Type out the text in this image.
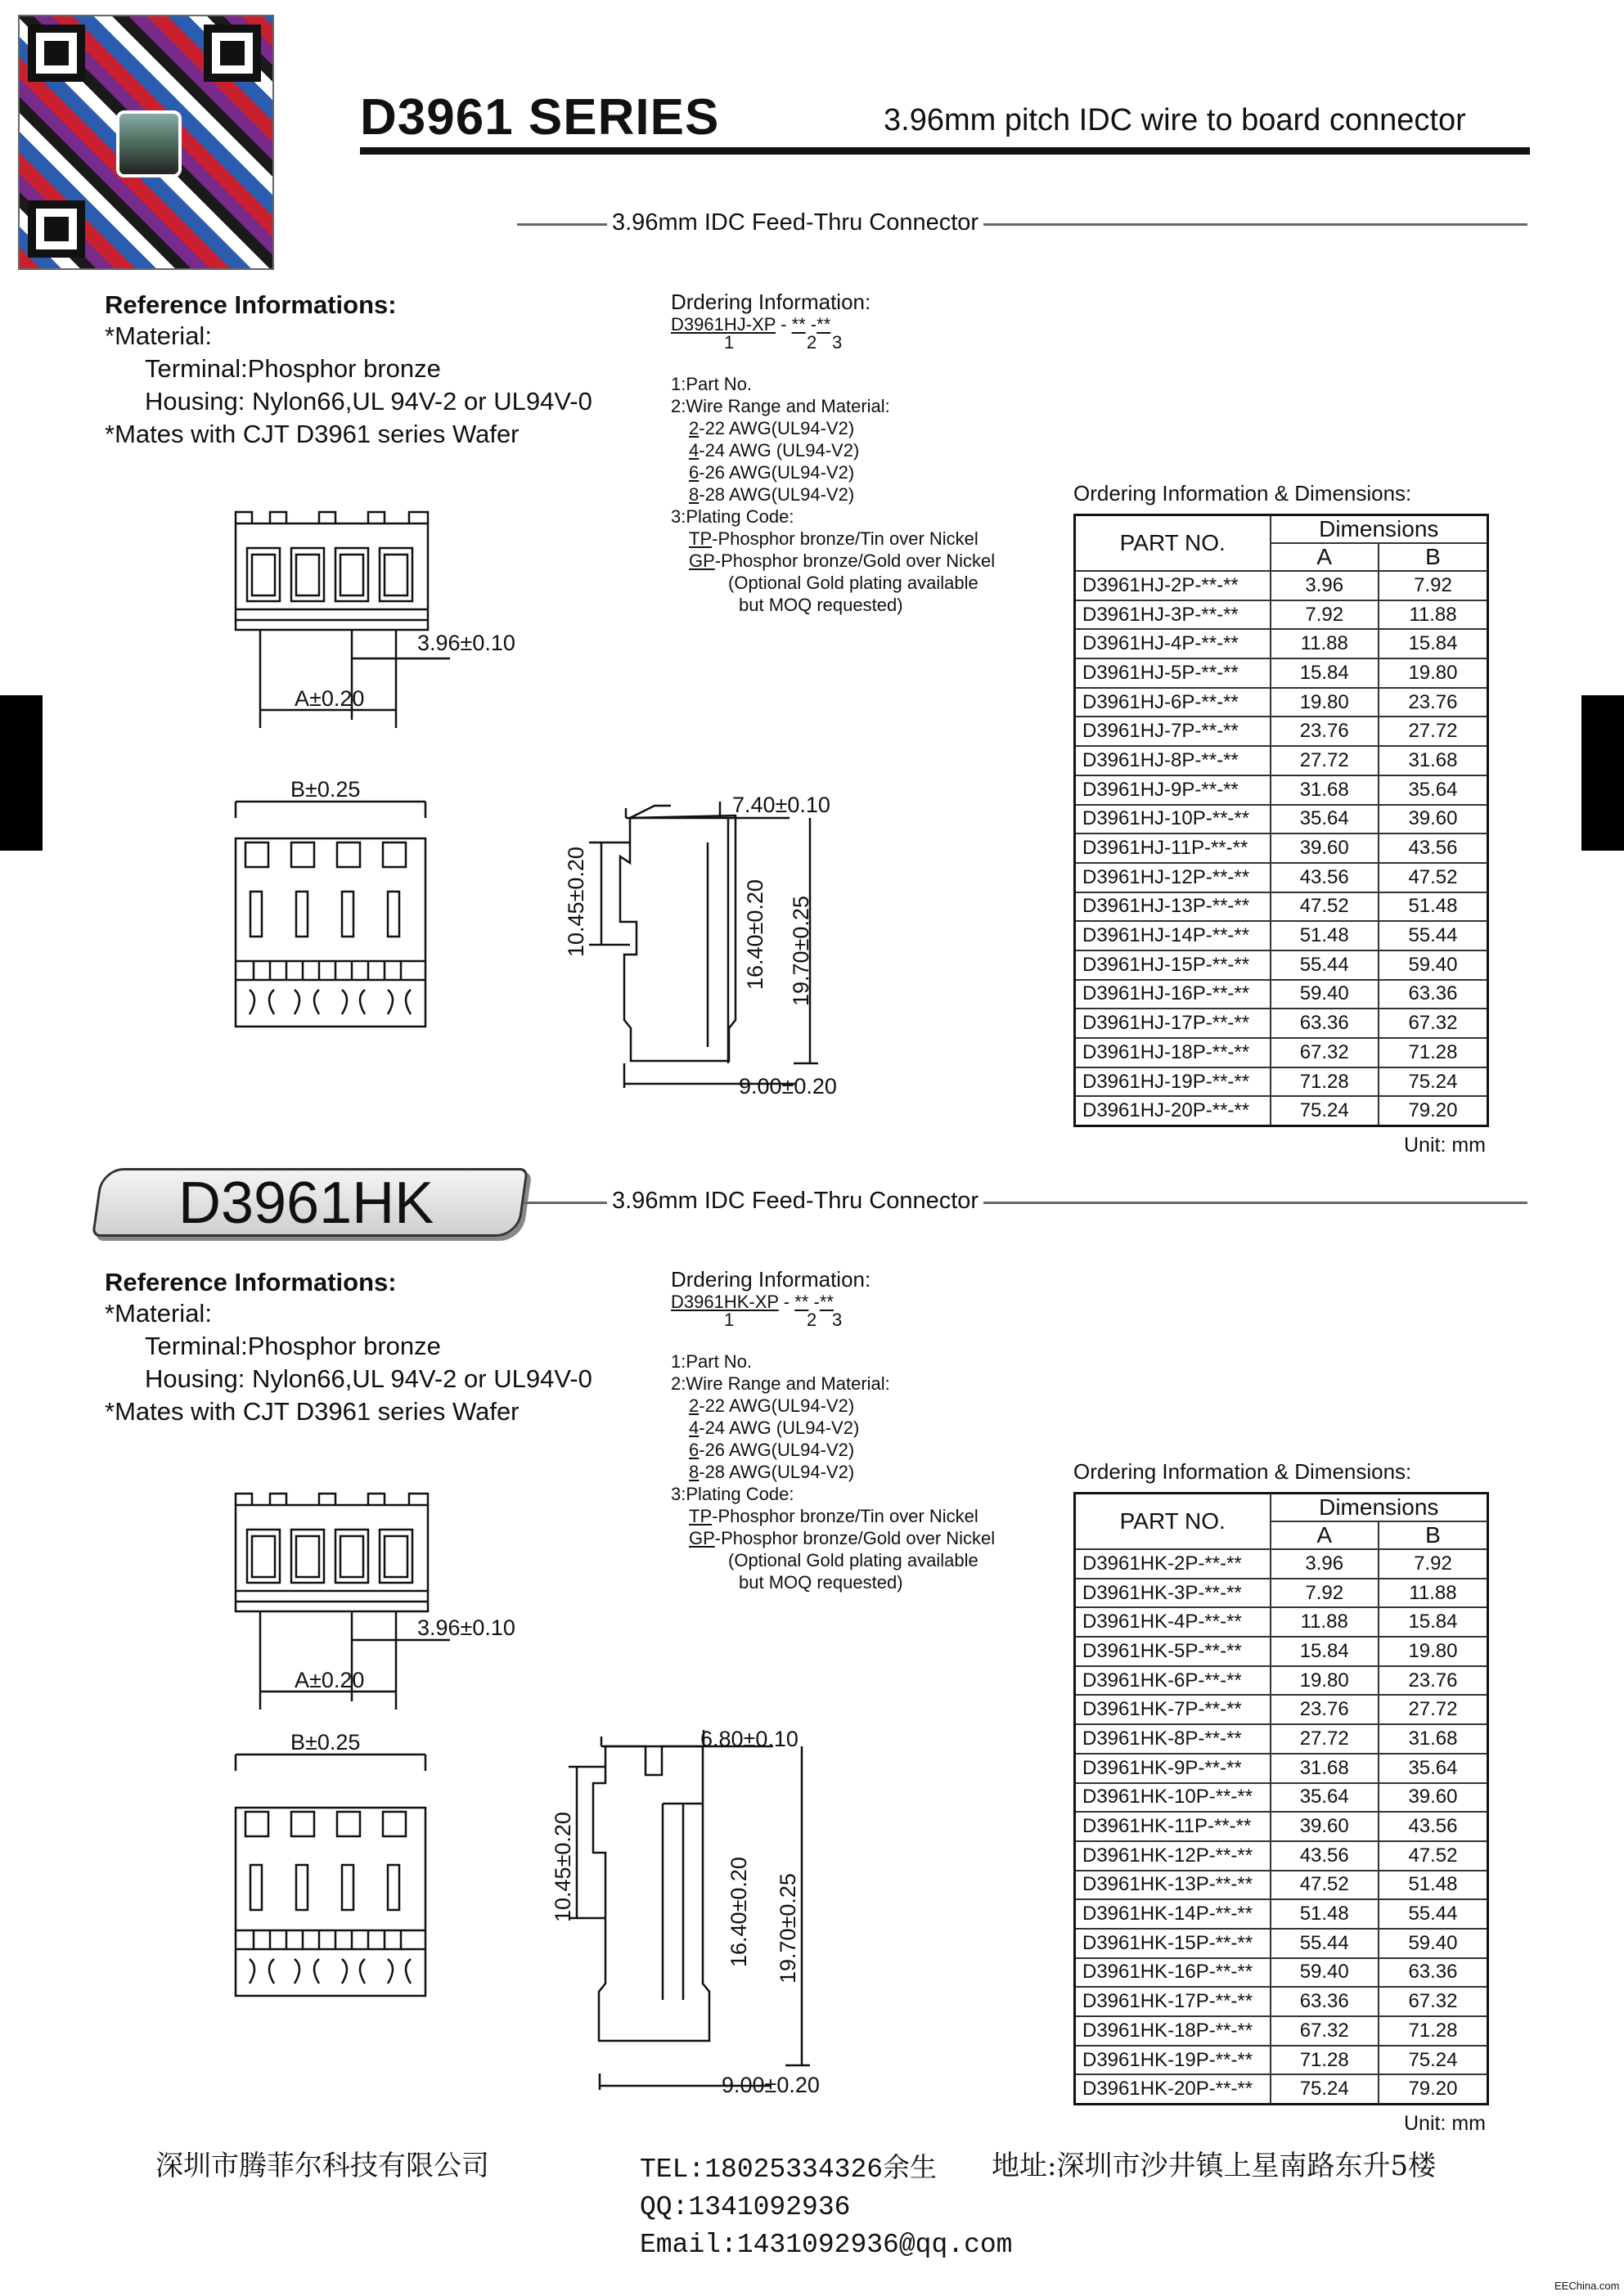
D3961 SERIES	3.96mm pitch IDC wire to board connector
3.96mm IDC Feed-Thru Connector
Reference Informations:
*Material:
Terminal:Phosphor bronze
Housing: Nylon66,UL 94V-2 or UL94V-0
*Mates with CJT D3961 series Wafer
Drdering Information:
D3961HJ-XP - ** -**
1	2 3
1:Part No.
2:Wire Range and Material:
2-22 AWG(UL94-V2)
4-24 AWG (UL94-V2)
6-26 AWG(UL94-V2)
8-28 AWG(UL94-V2)
3:Plating Code:
TP-Phosphor bronze/Tin over Nickel
GP-Phosphor bronze/Gold over Nickel
(Optional Gold plating available
but MOQ requested)
3.96±0.10
A±0.20
B±0.25
7.40±0.10
10.45±0.20	16.40±0.20 19.70±0.25
9.00±0.20
Ordering Information & Dimensions:
PART NO.	Dimensions	
	A	B
D3961HJ-2P-**-**	3.96	7.92
D3961HJ-3P-**-**	7.92	11.88
D3961HJ-4P-**-**	11.88	15.84
D3961HJ-5P-**-**	15.84	19.80
D3961HJ-6P-**-**	19.80	23.76
D3961HJ-7P-**-**	23.76	27.72
D3961HJ-8P-**-**	27.72	31.68
D3961HJ-9P-**-**	31.68	35.64
D3961HJ-10P-**-**	35.64	39.60
D3961HJ-11P-**-**	39.60	43.56
D3961HJ-12P-**-**	43.56	47.52
D3961HJ-13P-**-**	47.52	51.48
D3961HJ-14P-**-**	51.48	55.44
D3961HJ-15P-**-**	55.44	59.40
D3961HJ-16P-**-**	59.40	63.36
D3961HJ-17P-**-**	63.36	67.32
D3961HJ-18P-**-**	67.32	71.28
D3961HJ-19P-**-**	71.28	75.24
D3961HJ-20P-**-**	75.24	79.20
Unit: mm
D3961HK	3.96mm IDC Feed-Thru Connector
Reference Informations:
*Material:
Terminal:Phosphor bronze
Housing: Nylon66,UL 94V-2 or UL94V-0
*Mates with CJT D3961 series Wafer
Drdering Information:
D3961HK-XP - ** -**
1	2 3
1:Part No.
2:Wire Range and Material:
2-22 AWG(UL94-V2)
4-24 AWG (UL94-V2)
6-26 AWG(UL94-V2)
8-28 AWG(UL94-V2)
3:Plating Code:
TP-Phosphor bronze/Tin over Nickel
GP-Phosphor bronze/Gold over Nickel
(Optional Gold plating available
but MOQ requested)
3.96±0.10
A±0.20
B±0.25	6.80±0.10
10.45±0.20	16.40±0.20 19.70±0.25
9.00±0.20
Ordering Information & Dimensions:
PART NO.	Dimensions	
	A	B
D3961HK-2P-**-**	3.96	7.92
D3961HK-3P-**-**	7.92	11.88
D3961HK-4P-**-**	11.88	15.84
D3961HK-5P-**-**	15.84	19.80
D3961HK-6P-**-**	19.80	23.76
D3961HK-7P-**-**	23.76	27.72
D3961HK-8P-**-**	27.72	31.68
D3961HK-9P-**-**	31.68	35.64
D3961HK-10P-**-**	35.64	39.60
D3961HK-11P-**-**	39.60	43.56
D3961HK-12P-**-**	43.56	47.52
D3961HK-13P-**-**	47.52	51.48
D3961HK-14P-**-**	51.48	55.44
D3961HK-15P-**-**	55.44	59.40
D3961HK-16P-**-**	59.40	63.36
D3961HK-17P-**-**	63.36	67.32
D3961HK-18P-**-**	67.32	71.28
D3961HK-19P-**-**	71.28	75.24
D3961HK-20P-**-**	75.24	79.20
Unit: mm
深圳市腾菲尔科技有限公司	TEL:18025334326余生
QQ:1341092936
Email:1431092936@qq.com
地址:深圳市沙井镇上星南路东升5楼
EEChina.com
